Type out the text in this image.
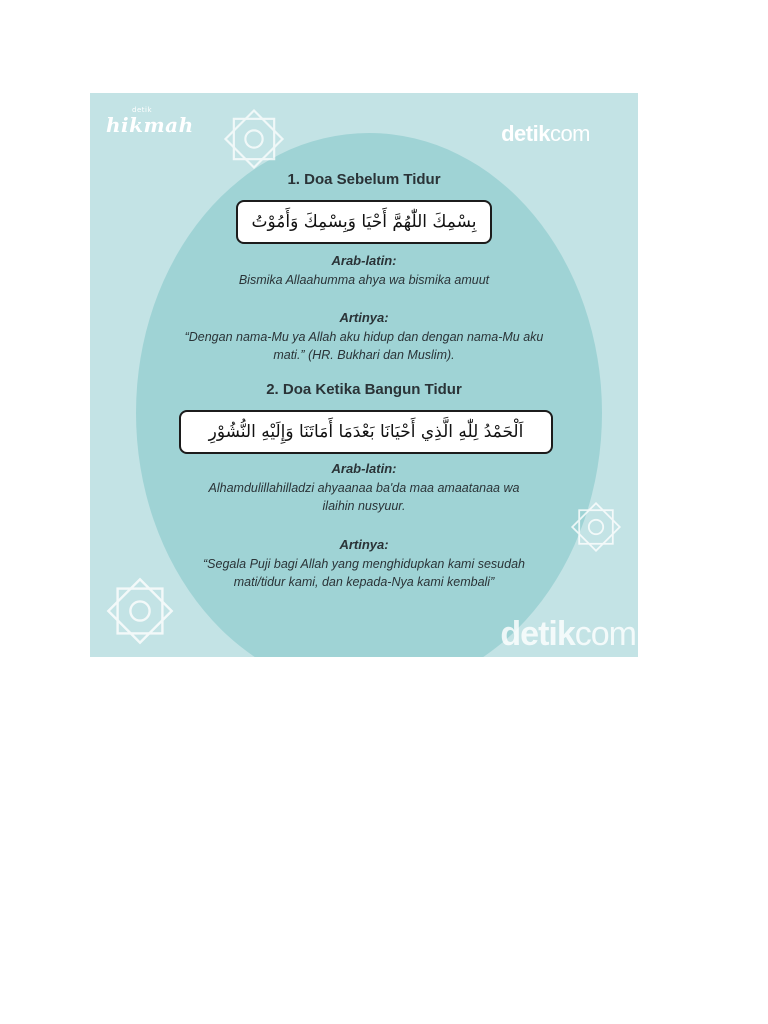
detik
hikmah	detikcom
detikcom
1. Doa Sebelum Tidur
بِسْمِكَ اللّٰهُمَّ أَحْيَا وَبِسْمِكَ وَأَمُوْتُ
Arab-latin:
Bismika Allaahumma ahya wa bismika amuut
Artinya:
“Dengan nama-Mu ya Allah aku hidup dan dengan nama-Mu aku
mati.” (HR. Bukhari dan Muslim).
2. Doa Ketika Bangun Tidur
اَلْحَمْدُ لِلّٰهِ الَّذِي أَحْيَانَا بَعْدَمَا أَمَاتَنَا وَإِلَيْهِ النُّشُوْرِ
Arab-latin:
Alhamdulillahilladzi ahyaanaa ba'da maa amaatanaa wa
ilaihin nusyuur.
Artinya:
“Segala Puji bagi Allah yang menghidupkan kami sesudah
mati/tidur kami, dan kepada-Nya kami kembali”
